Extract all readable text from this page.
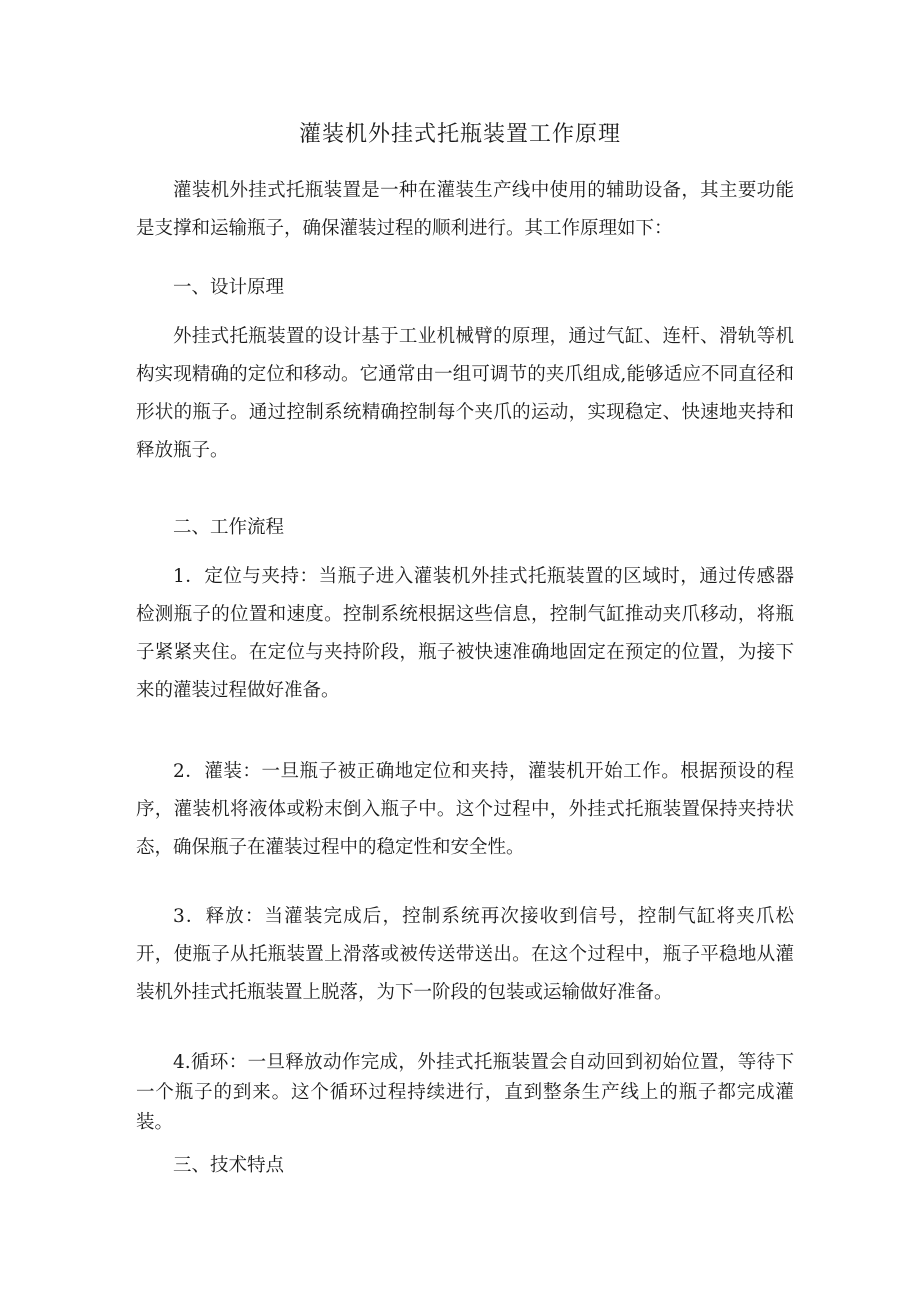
灌装机外挂式托瓶装置工作原理

灌装机外挂式托瓶装置是一种在灌装生产线中使用的辅助设备，其主要功能是支撑和运输瓶子，确保灌装过程的顺利进行。其工作原理如下：

一、设计原理

外挂式托瓶装置的设计基于工业机械臂的原理，通过气缸、连杆、滑轨等机构实现精确的定位和移动。它通常由一组可调节的夹爪组成,能够适应不同直径和形状的瓶子。通过控制系统精确控制每个夹爪的运动，实现稳定、快速地夹持和释放瓶子。

二、工作流程

1．定位与夹持：当瓶子进入灌装机外挂式托瓶装置的区域时，通过传感器检测瓶子的位置和速度。控制系统根据这些信息，控制气缸推动夹爪移动，将瓶子紧紧夹住。在定位与夹持阶段，瓶子被快速准确地固定在预定的位置，为接下来的灌装过程做好准备。

2．灌装：一旦瓶子被正确地定位和夹持，灌装机开始工作。根据预设的程序，灌装机将液体或粉末倒入瓶子中。这个过程中，外挂式托瓶装置保持夹持状态，确保瓶子在灌装过程中的稳定性和安全性。

3．释放：当灌装完成后，控制系统再次接收到信号，控制气缸将夹爪松开，使瓶子从托瓶装置上滑落或被传送带送出。在这个过程中，瓶子平稳地从灌装机外挂式托瓶装置上脱落，为下一阶段的包装或运输做好准备。

4.循环：一旦释放动作完成，外挂式托瓶装置会自动回到初始位置，等待下一个瓶子的到来。这个循环过程持续进行，直到整条生产线上的瓶子都完成灌装。

三、技术特点
